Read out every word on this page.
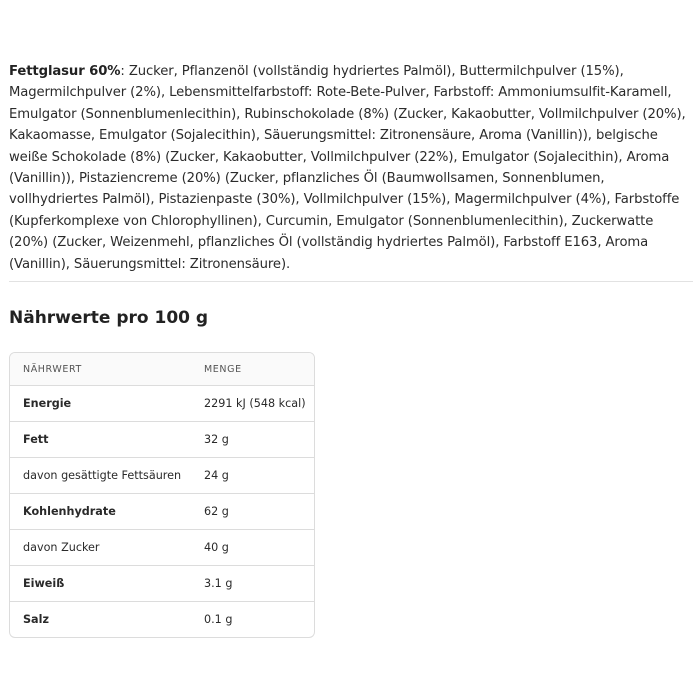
Fettglasur 60%: Zucker, Pflanzenöl (vollständig hydriertes Palmöl), Buttermilchpulver (15%), Magermilchpulver (2%), Lebensmittelfarbstoff: Rote-Bete-Pulver, Farbstoff: Ammoniumsulfit-Karamell, Emulgator (Sonnenblumenlecithin), Rubinschokolade (8%) (Zucker, Kakaobutter, Vollmilchpulver (20%), Kakaomasse, Emulgator (Sojalecithin), Säuerungsmittel: Zitronensäure, Aroma (Vanillin)), belgische weiße Schokolade (8%) (Zucker, Kakaobutter, Vollmilchpulver (22%), Emulgator (Sojalecithin), Aroma (Vanillin)), Pistaziencreme (20%) (Zucker, pflanzliches Öl (Baumwollsamen, Sonnenblumen, vollhydriertes Palmöl), Pistazienpaste (30%), Vollmilchpulver (15%), Magermilchpulver (4%), Farbstoffe (Kupferkomplexe von Chlorophyllinen), Curcumin, Emulgator (Sonnenblumenlecithin), Zuckerwatte (20%) (Zucker, Weizenmehl, pflanzliches Öl (vollständig hydriertes Palmöl), Farbstoff E163, Aroma (Vanillin), Säuerungsmittel: Zitronensäure).

Nährwerte pro 100 g
NÄHRWERT	MENGE
Energie	2291 kJ (548 kcal)
Fett	32 g
davon gesättigte Fettsäuren	24 g
Kohlenhydrate	62 g
davon Zucker	40 g
Eiweiß	3.1 g
Salz	0.1 g
